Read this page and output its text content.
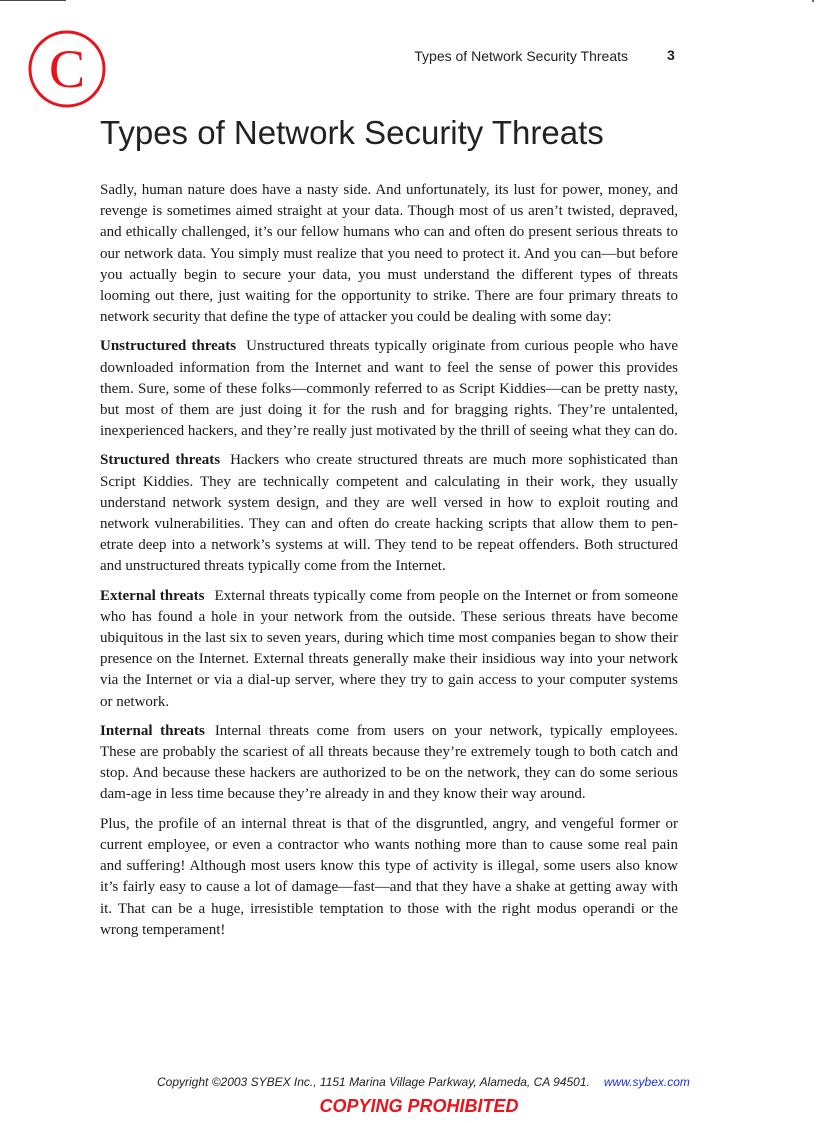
C	Types of Network Security Threats	3
Types of Network Security Threats

Sadly, human nature does have a nasty side. And unfortunately, its lust for power, money, and revenge is sometimes aimed straight at your data. Though most of us aren’t twisted, depraved, and ethically challenged, it’s our fellow humans who can and often do present serious threats to our network data. You simply must realize that you need to protect it. And you can—but before you actually begin to secure your data, you must understand the different types of threats looming out there, just waiting for the opportunity to strike. There are four primary threats to network security that define the type of attacker you could be dealing with some day:

Unstructured threats Unstructured threats typically originate from curious people who have downloaded information from the Internet and want to feel the sense of power this provides them. Sure, some of these folks—commonly referred to as Script Kiddies—can be pretty nasty, but most of them are just doing it for the rush and for bragging rights. They’re untalented, inexperienced hackers, and they’re really just motivated by the thrill of seeing what they can do.

Structured threats Hackers who create structured threats are much more sophisticated than Script Kiddies. They are technically competent and calculating in their work, they usually understand network system design, and they are well versed in how to exploit routing and network vulnerabilities. They can and often do create hacking scripts that allow them to pen-etrate deep into a network’s systems at will. They tend to be repeat offenders. Both structured and unstructured threats typically come from the Internet.

External threats External threats typically come from people on the Internet or from someone who has found a hole in your network from the outside. These serious threats have become ubiquitous in the last six to seven years, during which time most companies began to show their presence on the Internet. External threats generally make their insidious way into your network via the Internet or via a dial-up server, where they try to gain access to your computer systems or network.

Internal threats Internal threats come from users on your network, typically employees. These are probably the scariest of all threats because they’re extremely tough to both catch and stop. And because these hackers are authorized to be on the network, they can do some serious dam-age in less time because they’re already in and they know their way around.

Plus, the profile of an internal threat is that of the disgruntled, angry, and vengeful former or current employee, or even a contractor who wants nothing more than to cause some real pain and suffering! Although most users know this type of activity is illegal, some users also know it’s fairly easy to cause a lot of damage—fast—and that they have a shake at getting away with it. That can be a huge, irresistible temptation to those with the right modus operandi or the wrong temperament!

Copyright ©2003 SYBEX Inc., 1151 Marina Village Parkway, Alameda, CA 94501. www.sybex.com
COPYING PROHIBITED
